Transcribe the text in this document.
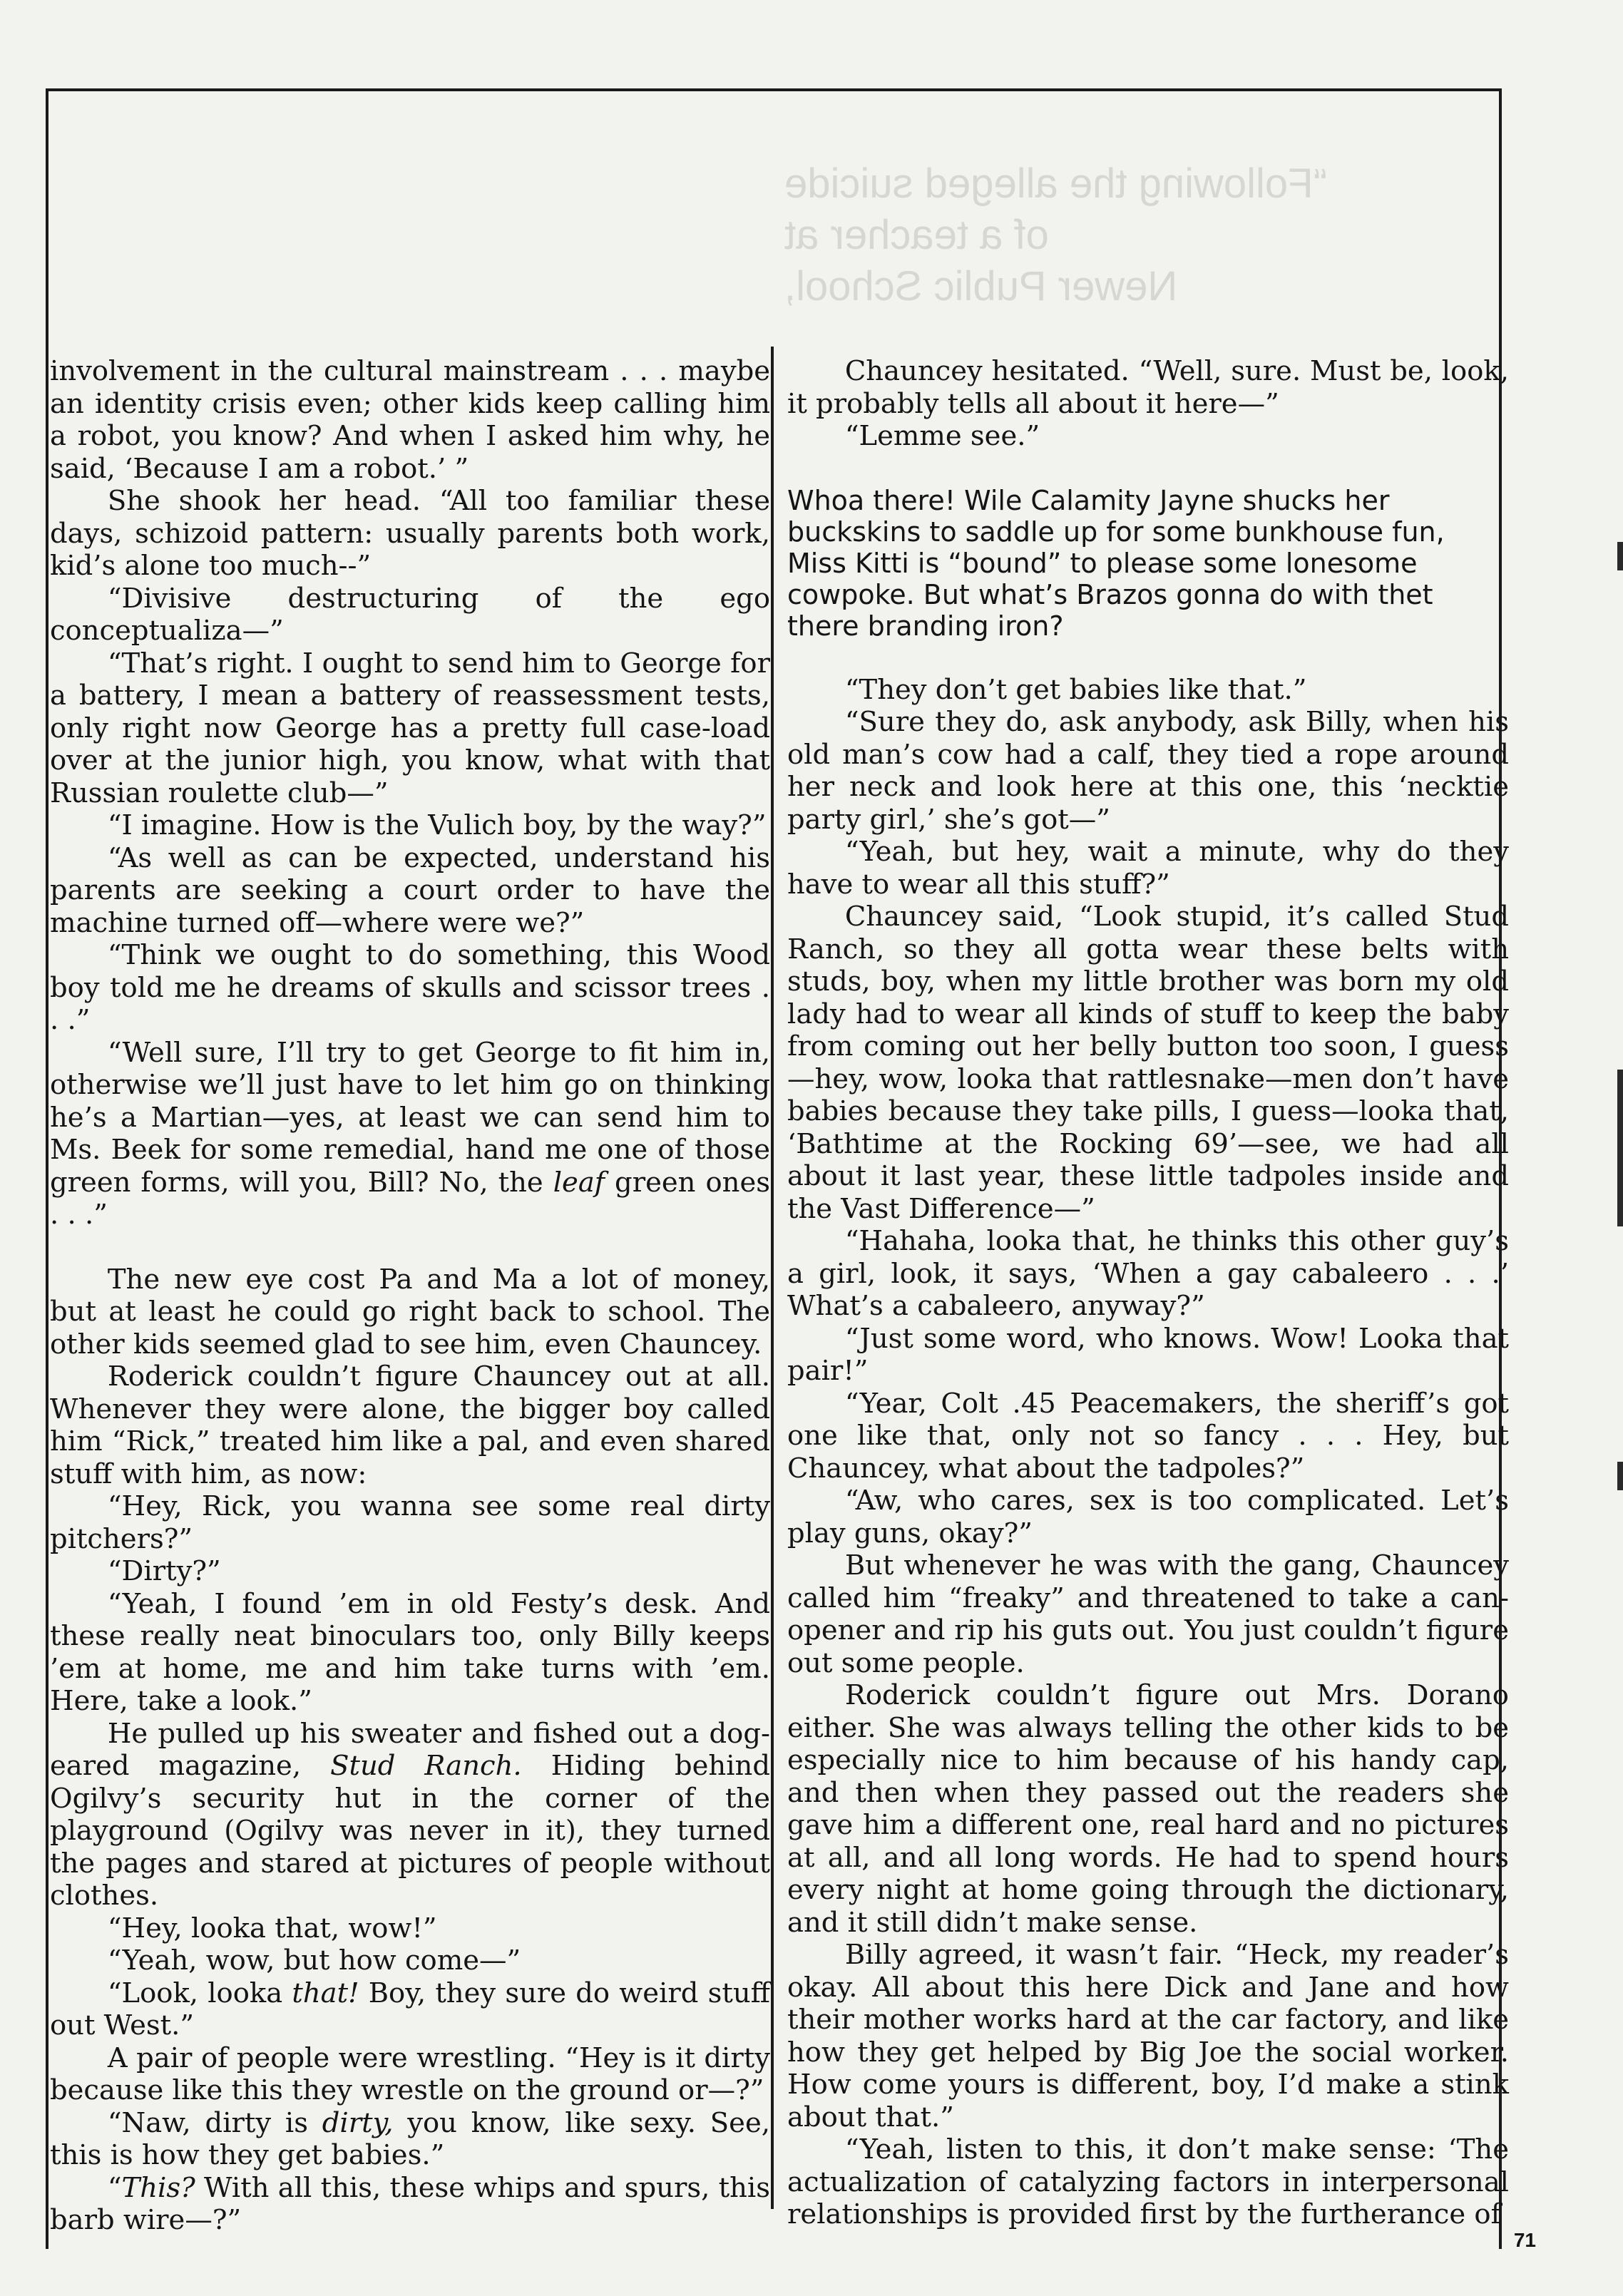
“Following the alleged suicide
of a teacher at
Newer Public School,

involvement in the cultural mainstream . . . maybe an identity crisis even; other kids keep calling him a robot, you know? And when I asked him why, he said, ‘Because I am a robot.’ ”

She shook her head. “All too familiar these days, schizoid pattern: usually parents both work, kid’s alone too much--”

“Divisive destructuring of the ego conceptualiza—”

“That’s right. I ought to send him to George for a battery, I mean a battery of reassessment tests, only right now George has a pretty full case-load over at the junior high, you know, what with that Russian roulette club—”

“I imagine. How is the Vulich boy, by the way?”

“As well as can be expected, understand his parents are seeking a court order to have the machine turned off—where were we?”

“Think we ought to do something, this Wood boy told me he dreams of skulls and scissor trees . . .”

“Well sure, I’ll try to get George to fit him in, otherwise we’ll just have to let him go on thinking he’s a Martian—yes, at least we can send him to Ms. Beek for some remedial, hand me one of those green forms, will you, Bill? No, the leaf green ones . . .”

The new eye cost Pa and Ma a lot of money, but at least he could go right back to school. The other kids seemed glad to see him, even Chauncey.

Roderick couldn’t figure Chauncey out at all. Whenever they were alone, the bigger boy called him “Rick,” treated him like a pal, and even shared stuff with him, as now:

“Hey, Rick, you wanna see some real dirty pitchers?”

“Dirty?”

“Yeah, I found ’em in old Festy’s desk. And these really neat binoculars too, only Billy keeps ’em at home, me and him take turns with ’em. Here, take a look.”

He pulled up his sweater and fished out a dog-eared magazine, Stud Ranch. Hiding behind Ogilvy’s security hut in the corner of the playground (Ogilvy was never in it), they turned the pages and stared at pictures of people without clothes.

“Hey, looka that, wow!”

“Yeah, wow, but how come—”

“Look, looka that! Boy, they sure do weird stuff out West.”

A pair of people were wrestling. “Hey is it dirty because like this they wrestle on the ground or—?”

“Naw, dirty is dirty, you know, like sexy. See, this is how they get babies.”

“This? With all this, these whips and spurs, this barb wire—?”

Chauncey hesitated. “Well, sure. Must be, look, it probably tells all about it here—”

“Lemme see.”

Whoa there! Wile Calamity Jayne shucks her buckskins to saddle up for some bunkhouse fun, Miss Kitti is “bound” to please some lonesome cowpoke. But what’s Brazos gonna do with thet there branding iron?

“They don’t get babies like that.”

“Sure they do, ask anybody, ask Billy, when his old man’s cow had a calf, they tied a rope around her neck and look here at this one, this ‘necktie party girl,’ she’s got—”

“Yeah, but hey, wait a minute, why do they have to wear all this stuff?”

Chauncey said, “Look stupid, it’s called Stud Ranch, so they all gotta wear these belts with studs, boy, when my little brother was born my old lady had to wear all kinds of stuff to keep the baby from coming out her belly button too soon, I guess—hey, wow, looka that rattlesnake—men don’t have babies because they take pills, I guess—looka that, ‘Bathtime at the Rocking 69’—see, we had all about it last year, these little tadpoles inside and the Vast Difference—”

“Hahaha, looka that, he thinks this other guy’s a girl, look, it says, ‘When a gay cabaleero . . .’ What’s a cabaleero, anyway?”

“Just some word, who knows. Wow! Looka that pair!”

“Year, Colt .45 Peacemakers, the sheriff’s got one like that, only not so fancy . . . Hey, but Chauncey, what about the tadpoles?”

“Aw, who cares, sex is too complicated. Let’s play guns, okay?”

But whenever he was with the gang, Chauncey called him “freaky” and threatened to take a can-opener and rip his guts out. You just couldn’t figure out some people.

Roderick couldn’t figure out Mrs. Dorano either. She was always telling the other kids to be especially nice to him because of his handy cap, and then when they passed out the readers she gave him a different one, real hard and no pictures at all, and all long words. He had to spend hours every night at home going through the dictionary, and it still didn’t make sense.

Billy agreed, it wasn’t fair. “Heck, my reader’s okay. All about this here Dick and Jane and how their mother works hard at the car factory, and like how they get helped by Big Joe the social worker. How come yours is different, boy, I’d make a stink about that.”

“Yeah, listen to this, it don’t make sense: ‘The actualization of catalyzing factors in interpersonal relationships is provided first by the furtherance of

71
